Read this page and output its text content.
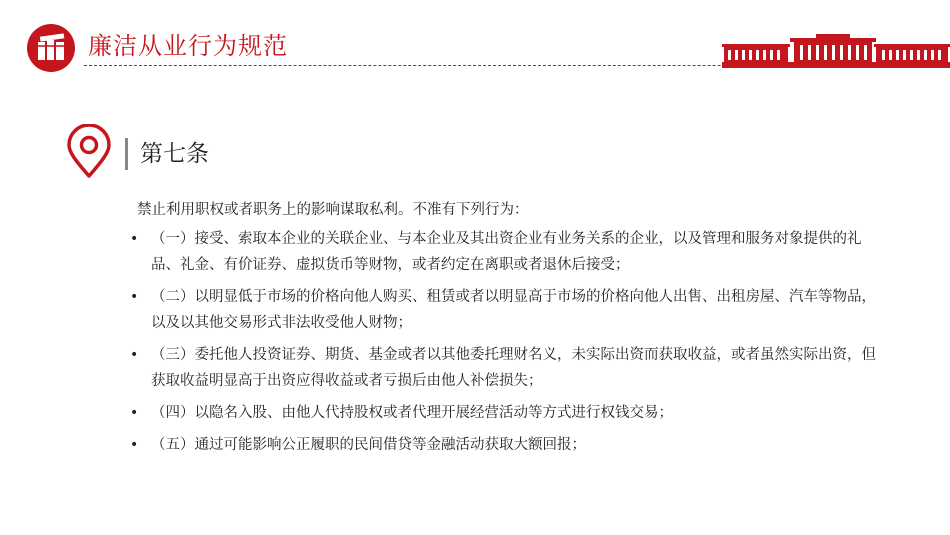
廉洁从业行为规范
第七条
禁止利用职权或者职务上的影响谋取私利。不准有下列行为：
• （一）接受、索取本企业的关联企业、与本企业及其出资企业有业务关系的企业，以及管理和服务对象提供的礼品、礼金、有价证券、虚拟货币等财物，或者约定在离职或者退休后接受；
• （二）以明显低于市场的价格向他人购买、租赁或者以明显高于市场的价格向他人出售、出租房屋、汽车等物品，以及以其他交易形式非法收受他人财物；
• （三）委托他人投资证券、期货、基金或者以其他委托理财名义，未实际出资而获取收益，或者虽然实际出资，但获取收益明显高于出资应得收益或者亏损后由他人补偿损失；
• （四）以隐名入股、由他人代持股权或者代理开展经营活动等方式进行权钱交易；
• （五）通过可能影响公正履职的民间借贷等金融活动获取大额回报；
